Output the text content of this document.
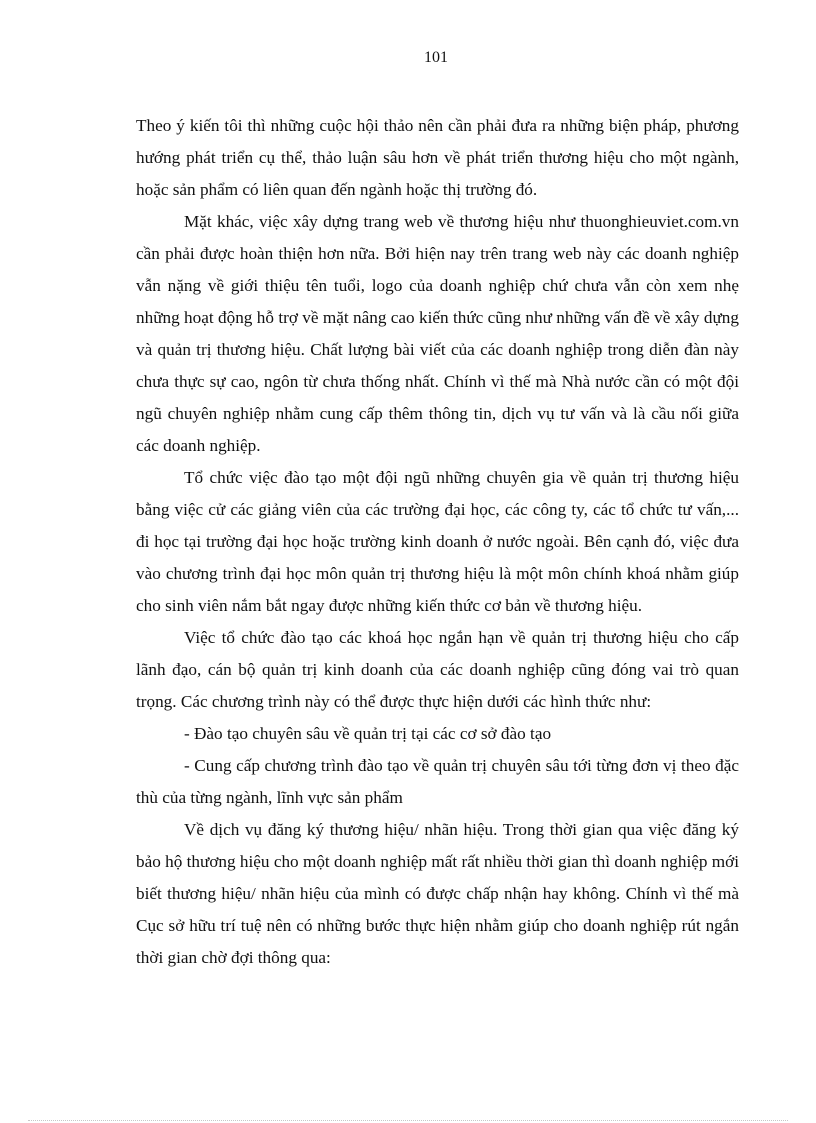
101

Theo ý kiến tôi thì những cuộc hội thảo nên cần phải đưa ra những biện pháp, phương hướng phát triển cụ thể, thảo luận sâu hơn về phát triển thương hiệu cho một ngành, hoặc sản phẩm có liên quan đến ngành hoặc thị trường đó.

Mặt khác, việc xây dựng trang web về thương hiệu như thuonghieuviet.com.vn cần phải được hoàn thiện hơn nữa. Bởi hiện nay trên trang web này các doanh nghiệp vẫn nặng về giới thiệu tên tuổi, logo của doanh nghiệp chứ chưa vẫn còn xem nhẹ những hoạt động hỗ trợ về mặt nâng cao kiến thức cũng như những vấn đề về xây dựng và quản trị thương hiệu. Chất lượng bài viết của các doanh nghiệp trong diễn đàn này chưa thực sự cao, ngôn từ chưa thống nhất. Chính vì thế mà Nhà nước cần có một đội ngũ chuyên nghiệp nhằm cung cấp thêm thông tin, dịch vụ tư vấn và là cầu nối giữa các doanh nghiệp.

Tổ chức việc đào tạo một đội ngũ những chuyên gia về quản trị thương hiệu bằng việc cử các giảng viên của các trường đại học, các công ty, các tổ chức tư vấn,... đi học tại trường đại học hoặc trường kinh doanh ở nước ngoài. Bên cạnh đó, việc đưa vào chương trình đại học môn quản trị thương hiệu là một môn chính khoá nhằm giúp cho sinh viên nắm bắt ngay được những kiến thức cơ bản về thương hiệu.

Việc tổ chức đào tạo các khoá học ngắn hạn về quản trị thương hiệu cho cấp lãnh đạo, cán bộ quản trị kinh doanh của các doanh nghiệp cũng đóng vai trò quan trọng. Các chương trình này có thể được thực hiện dưới các hình thức như:

- Đào tạo chuyên sâu về quản trị tại các cơ sở đào tạo

- Cung cấp chương trình đào tạo về quản trị chuyên sâu tới từng đơn vị theo đặc thù của từng ngành, lĩnh vực sản phẩm

Về dịch vụ đăng ký thương hiệu/ nhãn hiệu. Trong thời gian qua việc đăng ký bảo hộ thương hiệu cho một doanh nghiệp mất rất nhiều thời gian thì doanh nghiệp mới biết thương hiệu/ nhãn hiệu của mình có được chấp nhận hay không. Chính vì thế mà Cục sở hữu trí tuệ nên có những bước thực hiện nhằm giúp cho doanh nghiệp rút ngắn thời gian chờ đợi thông qua:
